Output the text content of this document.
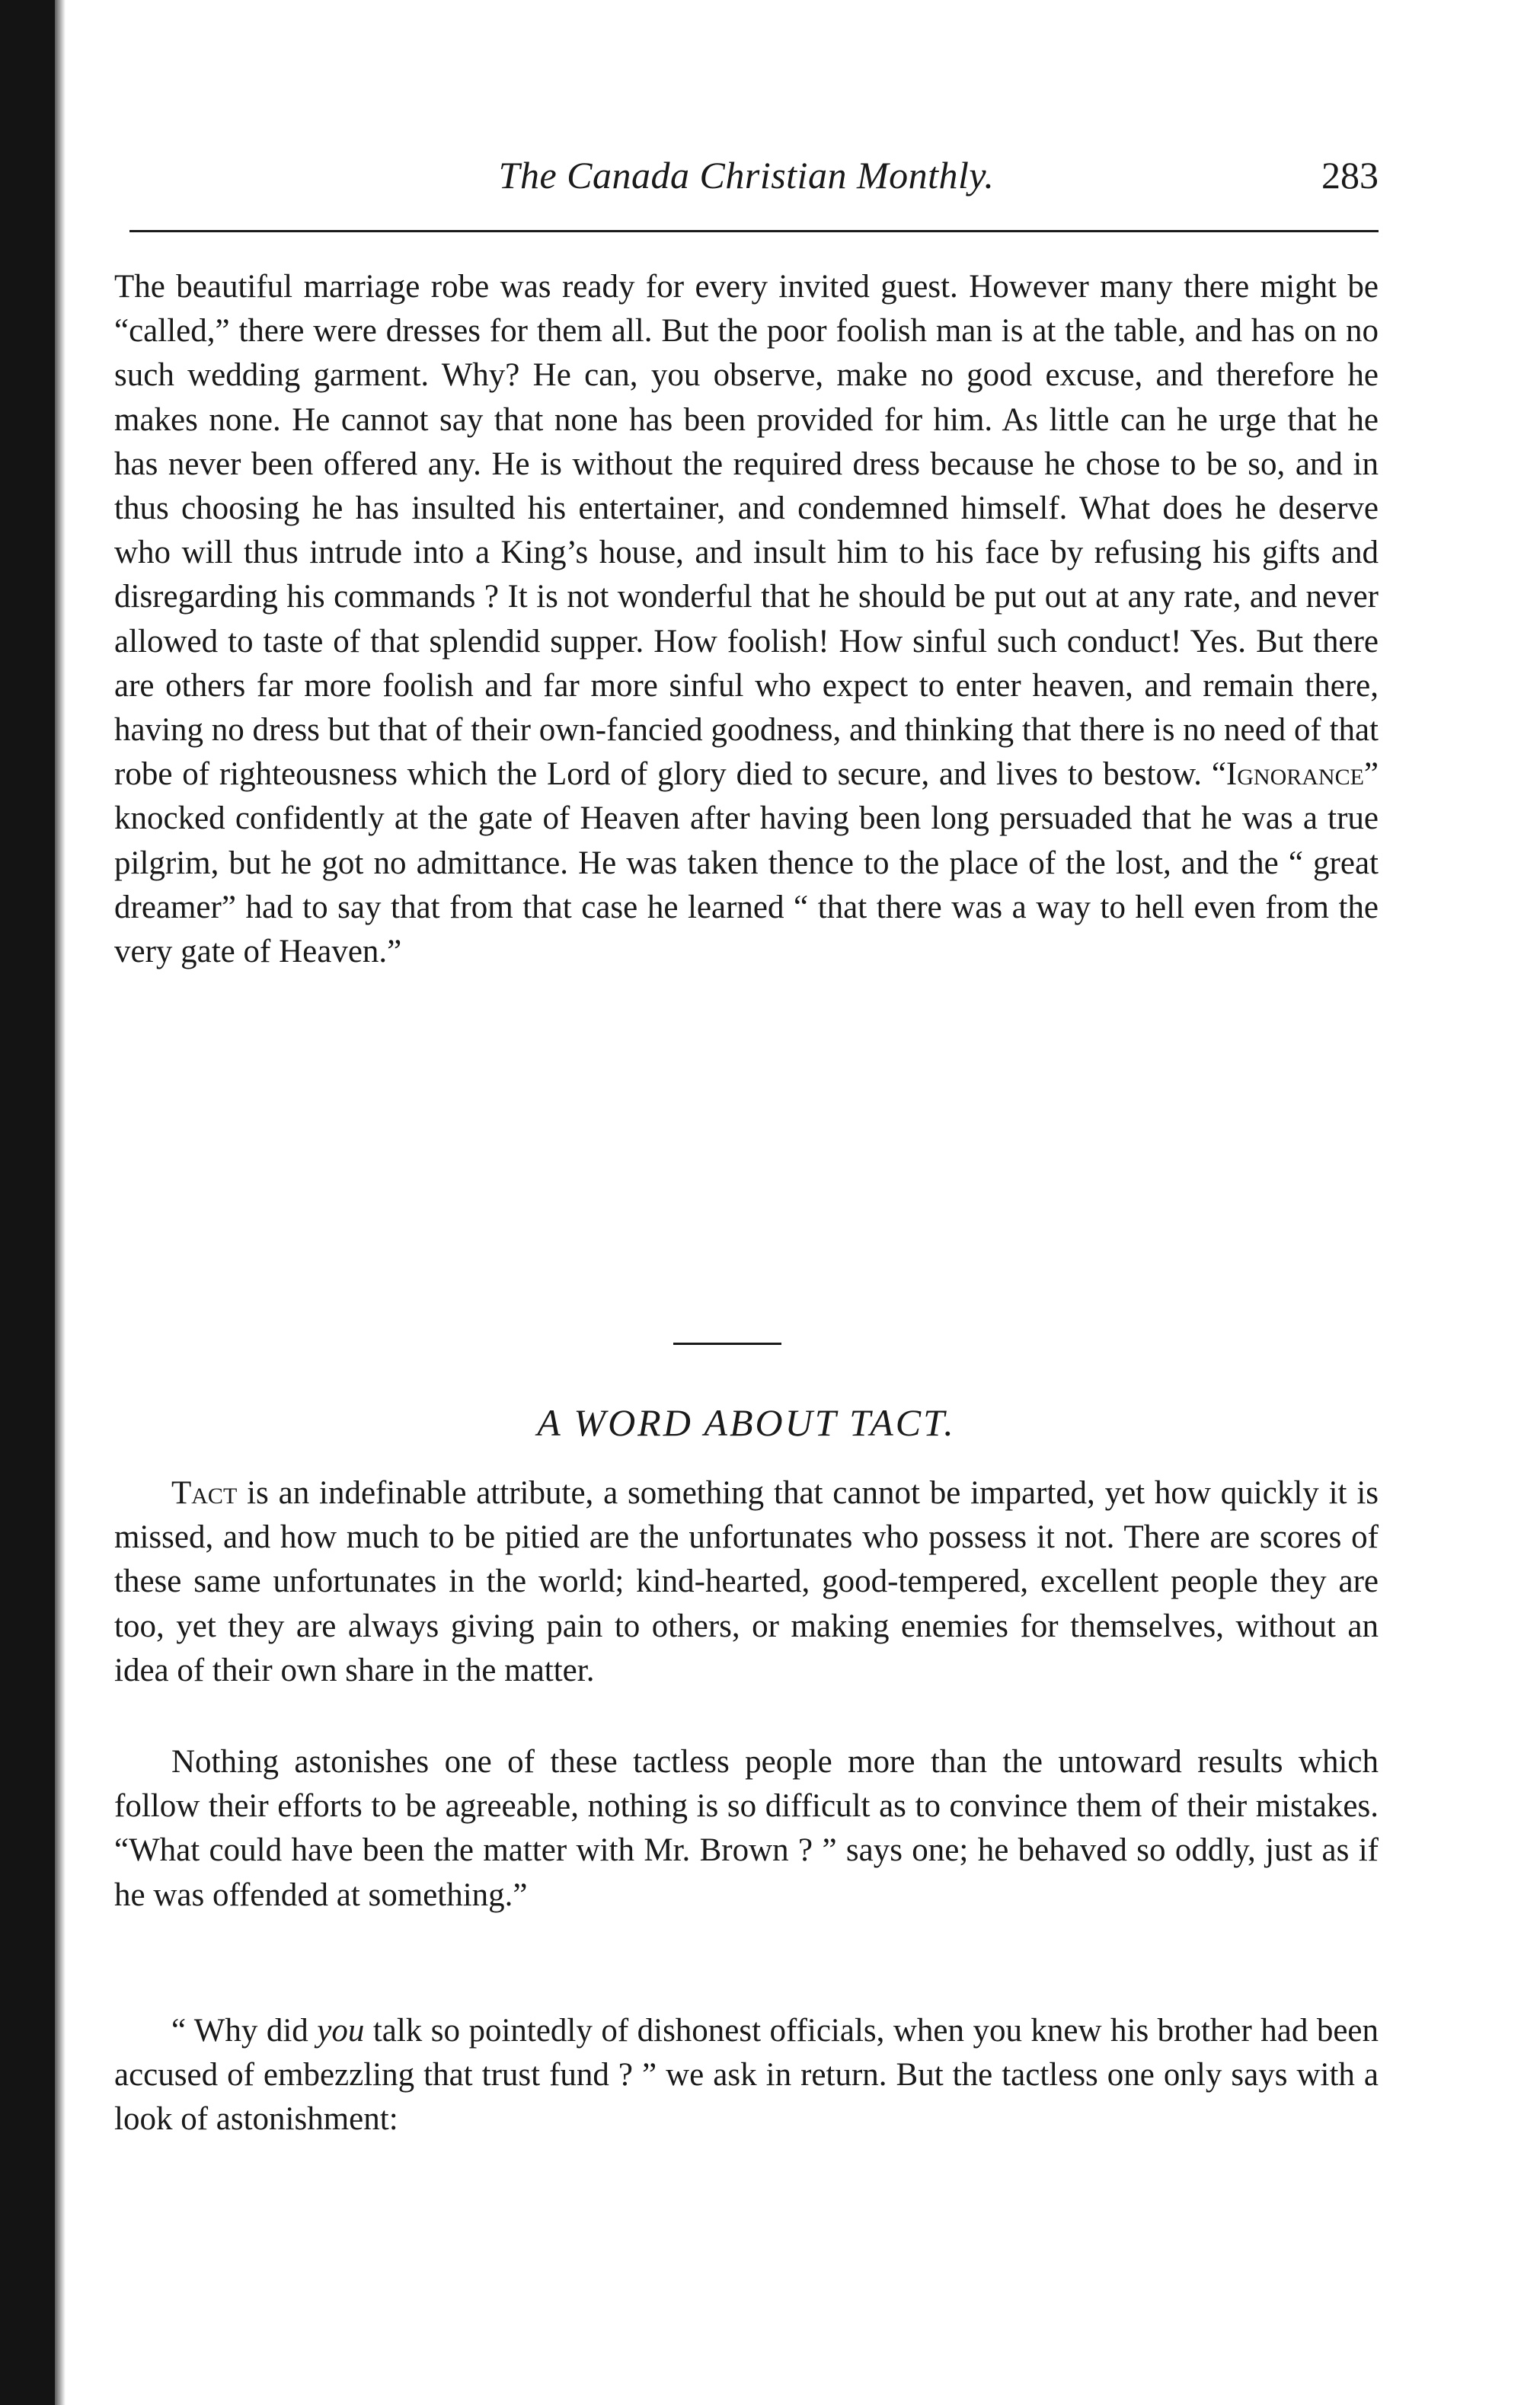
The Canada Christian Monthly.	283

The beautiful marriage robe was ready for every invited guest. However many there might be “called,” there were dresses for them all. But the poor foolish man is at the table, and has on no such wedding garment. Why? He can, you observe, make no good excuse, and therefore he makes none. He cannot say that none has been provided for him. As little can he urge that he has never been offered any. He is without the required dress because he chose to be so, and in thus choosing he has insulted his entertainer, and condemned himself. What does he deserve who will thus intrude into a King’s house, and insult him to his face by refusing his gifts and disregarding his commands ? It is not wonderful that he should be put out at any rate, and never allowed to taste of that splendid supper. How foolish! How sinful such conduct! Yes. But there are others far more foolish and far more sinful who expect to enter heaven, and remain there, having no dress but that of their own-fancied goodness, and thinking that there is no need of that robe of righteousness which the Lord of glory died to secure, and lives to bestow. “Ignorance” knocked confidently at the gate of Heaven after having been long persuaded that he was a true pilgrim, but he got no admittance. He was taken thence to the place of the lost, and the “ great dreamer” had to say that from that case he learned “ that there was a way to hell even from the very gate of Heaven.”

A WORD ABOUT TACT.

Tact is an indefinable attribute, a something that cannot be imparted, yet how quickly it is missed, and how much to be pitied are the unfortunates who possess it not. There are scores of these same unfortunates in the world; kind-hearted, good-tempered, excellent people they are too, yet they are always giving pain to others, or making enemies for themselves, without an idea of their own share in the matter.

Nothing astonishes one of these tactless people more than the untoward results which follow their efforts to be agreeable, nothing is so difficult as to convince them of their mistakes. “What could have been the matter with Mr. Brown ? ” says one; he behaved so oddly, just as if he was offended at something.”

“ Why did you talk so pointedly of dishonest officials, when you knew his brother had been accused of embezzling that trust fund ? ” we ask in return. But the tactless one only says with a look of astonishment:
